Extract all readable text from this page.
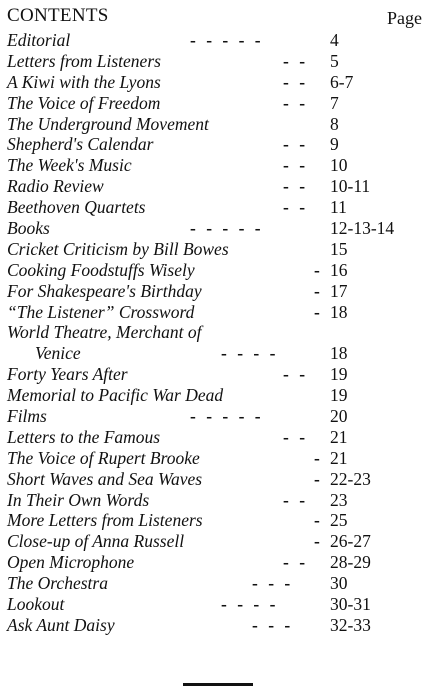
CONTENTS	Page
Editorial	- - - - -	4
Letters from Listeners	- - 5
A Kiwi with the Lyons	- - 6-7
The Voice of Freedom	- - 7
The Underground Movement	8
Shepherd's Calendar	- - 9
The Week's Music	- - 10
Radio Review	- - 10-11
Beethoven Quartets	- - 11
Books	- - - - -	12-13-14
Cricket Criticism by Bill Bowes	15
Cooking Foodstuffs Wisely	- 16
For Shakespeare's Birthday	- 17
“The Listener” Crossword	- 18
World Theatre, Merchant of
Venice	- - - -	18
Forty Years After	- - 19
Memorial to Pacific War Dead	19
Films	- - - - -	20
Letters to the Famous	- - 21
The Voice of Rupert Brooke	- 21
Short Waves and Sea Waves	- 22-23
In Their Own Words	- - 23
More Letters from Listeners	- 25
Close-up of Anna Russell	- 26-27
Open Microphone	- - 28-29
The Orchestra	- - - 30
Lookout	- - - -	30-31
Ask Aunt Daisy	- - - 32-33
